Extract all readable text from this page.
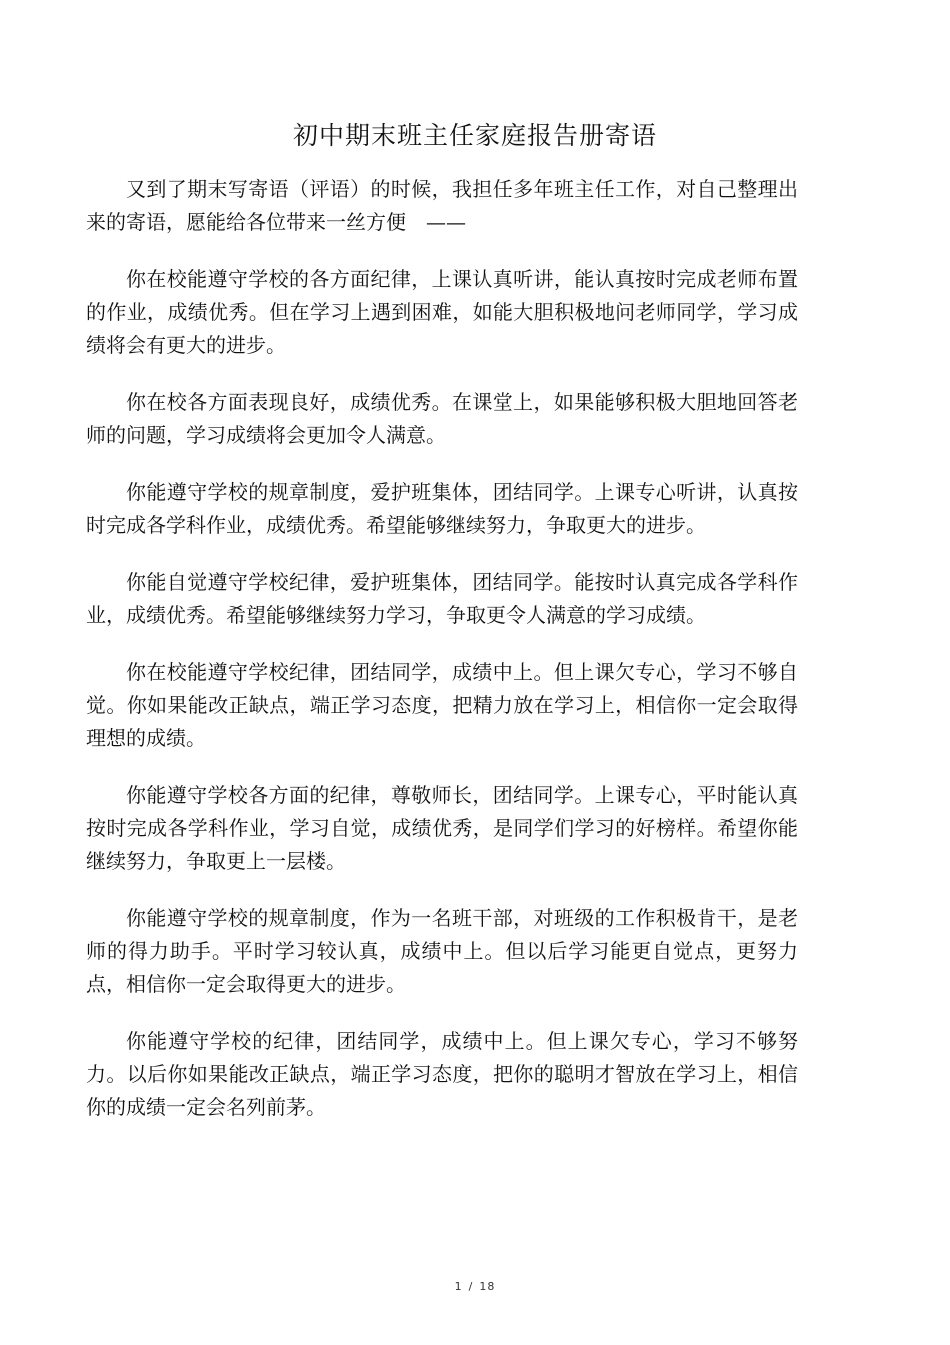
初中期末班主任家庭报告册寄语

又到了期末写寄语（评语）的时候，我担任多年班主任工作，对自己整理出来的寄语，愿能给各位带来一丝方便　——

你在校能遵守学校的各方面纪律，上课认真听讲，能认真按时完成老师布置的作业，成绩优秀。但在学习上遇到困难，如能大胆积极地问老师同学，学习成绩将会有更大的进步。

你在校各方面表现良好，成绩优秀。在课堂上，如果能够积极大胆地回答老师的问题，学习成绩将会更加令人满意。

你能遵守学校的规章制度，爱护班集体，团结同学。上课专心听讲，认真按时完成各学科作业，成绩优秀。希望能够继续努力，争取更大的进步。

你能自觉遵守学校纪律，爱护班集体，团结同学。能按时认真完成各学科作业，成绩优秀。希望能够继续努力学习，争取更令人满意的学习成绩。

你在校能遵守学校纪律，团结同学，成绩中上。但上课欠专心，学习不够自觉。你如果能改正缺点，端正学习态度，把精力放在学习上，相信你一定会取得理想的成绩。

你能遵守学校各方面的纪律，尊敬师长，团结同学。上课专心，平时能认真按时完成各学科作业，学习自觉，成绩优秀，是同学们学习的好榜样。希望你能继续努力，争取更上一层楼。

你能遵守学校的规章制度，作为一名班干部，对班级的工作积极肯干，是老师的得力助手。平时学习较认真，成绩中上。但以后学习能更自觉点，更努力点，相信你一定会取得更大的进步。

你能遵守学校的纪律，团结同学，成绩中上。但上课欠专心，学习不够努力。以后你如果能改正缺点，端正学习态度，把你的聪明才智放在学习上，相信你的成绩一定会名列前茅。

1 / 18
